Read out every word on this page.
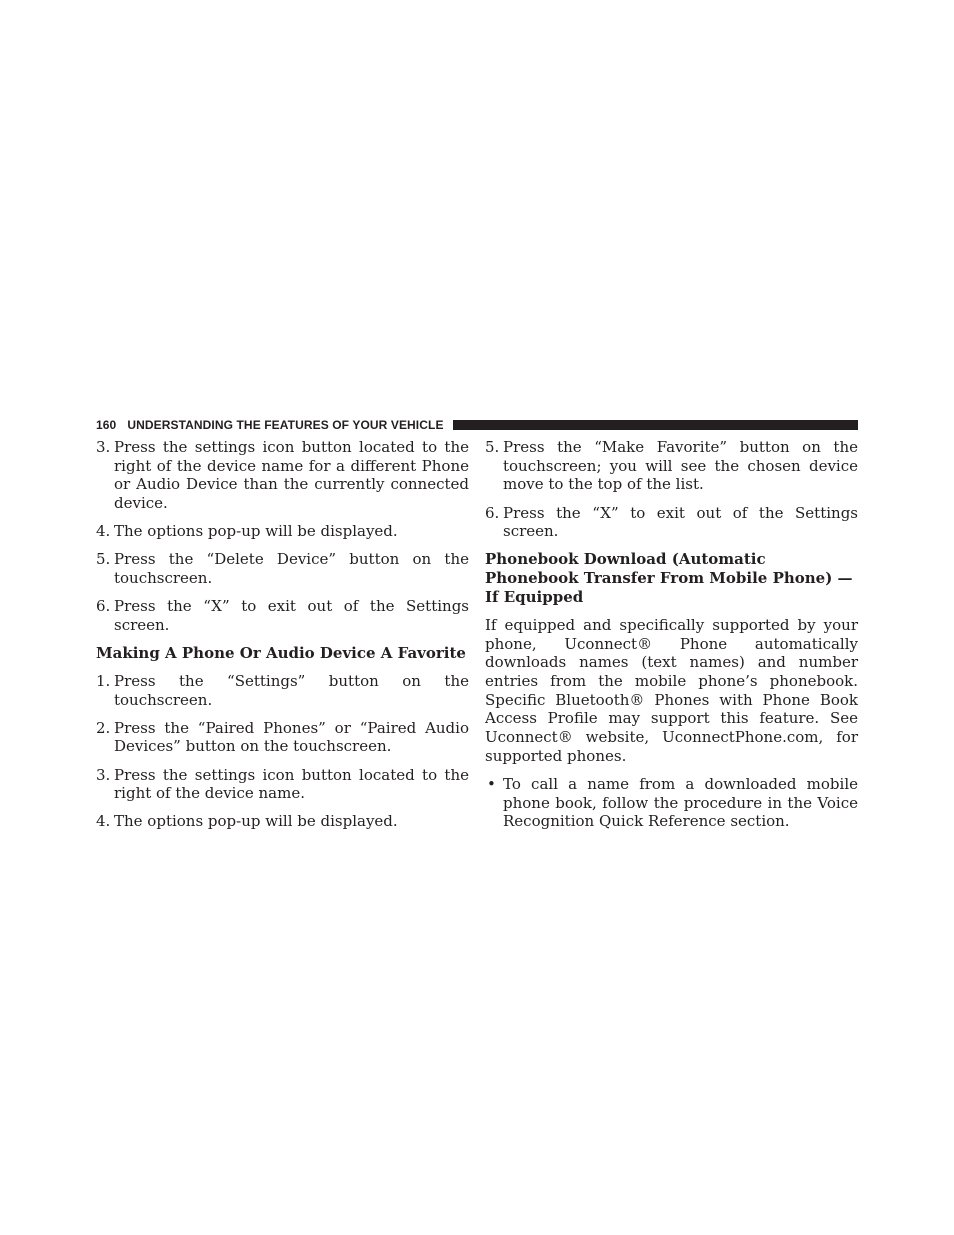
160 UNDERSTANDING THE FEATURES OF YOUR VEHICLE
3. Press the settings icon button located to the right of the device name for a different Phone or Audio Device than the currently connected device.
4. The options pop-up will be displayed.
5. Press the “Delete Device” button on the touchscreen.
6. Press the “X” to exit out of the Settings screen.
Making A Phone Or Audio Device A Favorite
1. Press the “Settings” button on the touchscreen.
2. Press the “Paired Phones” or “Paired Audio Devices” button on the touchscreen.
3. Press the settings icon button located to the right of the device name.
4. The options pop-up will be displayed.
5. Press the “Make Favorite” button on the touchscreen; you will see the chosen device move to the top of the list.
6. Press the “X” to exit out of the Settings screen.
Phonebook Download (Automatic Phonebook Transfer From Mobile Phone) — If Equipped
If equipped and specifically supported by your phone, Uconnect® Phone automatically downloads names (text names) and number entries from the mobile phone’s phonebook. Specific Bluetooth® Phones with Phone Book Access Profile may support this feature. See Uconnect® website, UconnectPhone.com, for supported phones.
• To call a name from a downloaded mobile phone book, follow the procedure in the Voice Recognition Quick Reference section.
